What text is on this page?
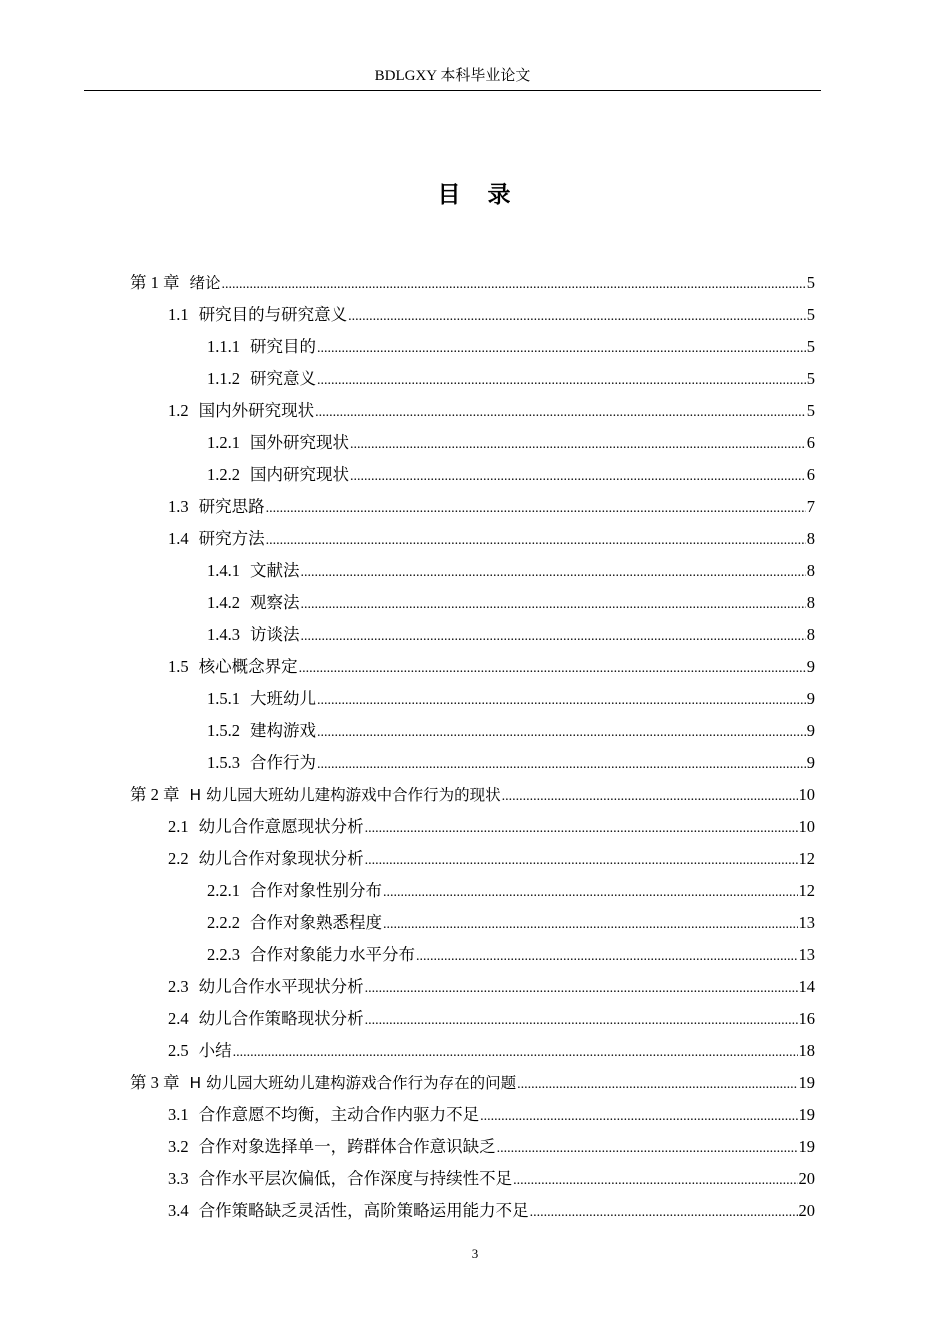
BDLGXY 本科毕业论文
目　录
第 1 章 绪论 .....	5
1.1 研究目的与研究意义 .....	5
1.1.1 研究目的 .....	5
1.1.2 研究意义 .....	5
1.2 国内外研究现状 .....	5
1.2.1 国外研究现状 .....	6
1.2.2 国内研究现状 .....	6
1.3 研究思路 .....	7
1.4 研究方法 .....	8
1.4.1 文献法 .....	8
1.4.2 观察法 .....	8
1.4.3 访谈法 .....	8
1.5 核心概念界定 .....	9
1.5.1 大班幼儿 .....	9
1.5.2 建构游戏 .....	9
1.5.3 合作行为 .....	9
第 2 章 H 幼儿园大班幼儿建构游戏中合作行为的现状 .....	10
2.1 幼儿合作意愿现状分析 .....	10
2.2 幼儿合作对象现状分析 .....	12
2.2.1 合作对象性别分布 .....	12
2.2.2 合作对象熟悉程度 .....	13
2.2.3 合作对象能力水平分布 .....	13
2.3 幼儿合作水平现状分析 .....	14
2.4 幼儿合作策略现状分析 .....	16
2.5 小结 .....	18
第 3 章 H 幼儿园大班幼儿建构游戏合作行为存在的问题 .....	19
3.1 合作意愿不均衡，主动合作内驱力不足 .....	19
3.2 合作对象选择单一，跨群体合作意识缺乏 .....	19
3.3 合作水平层次偏低，合作深度与持续性不足 .....	20
3.4 合作策略缺乏灵活性，高阶策略运用能力不足 .....	20
3
